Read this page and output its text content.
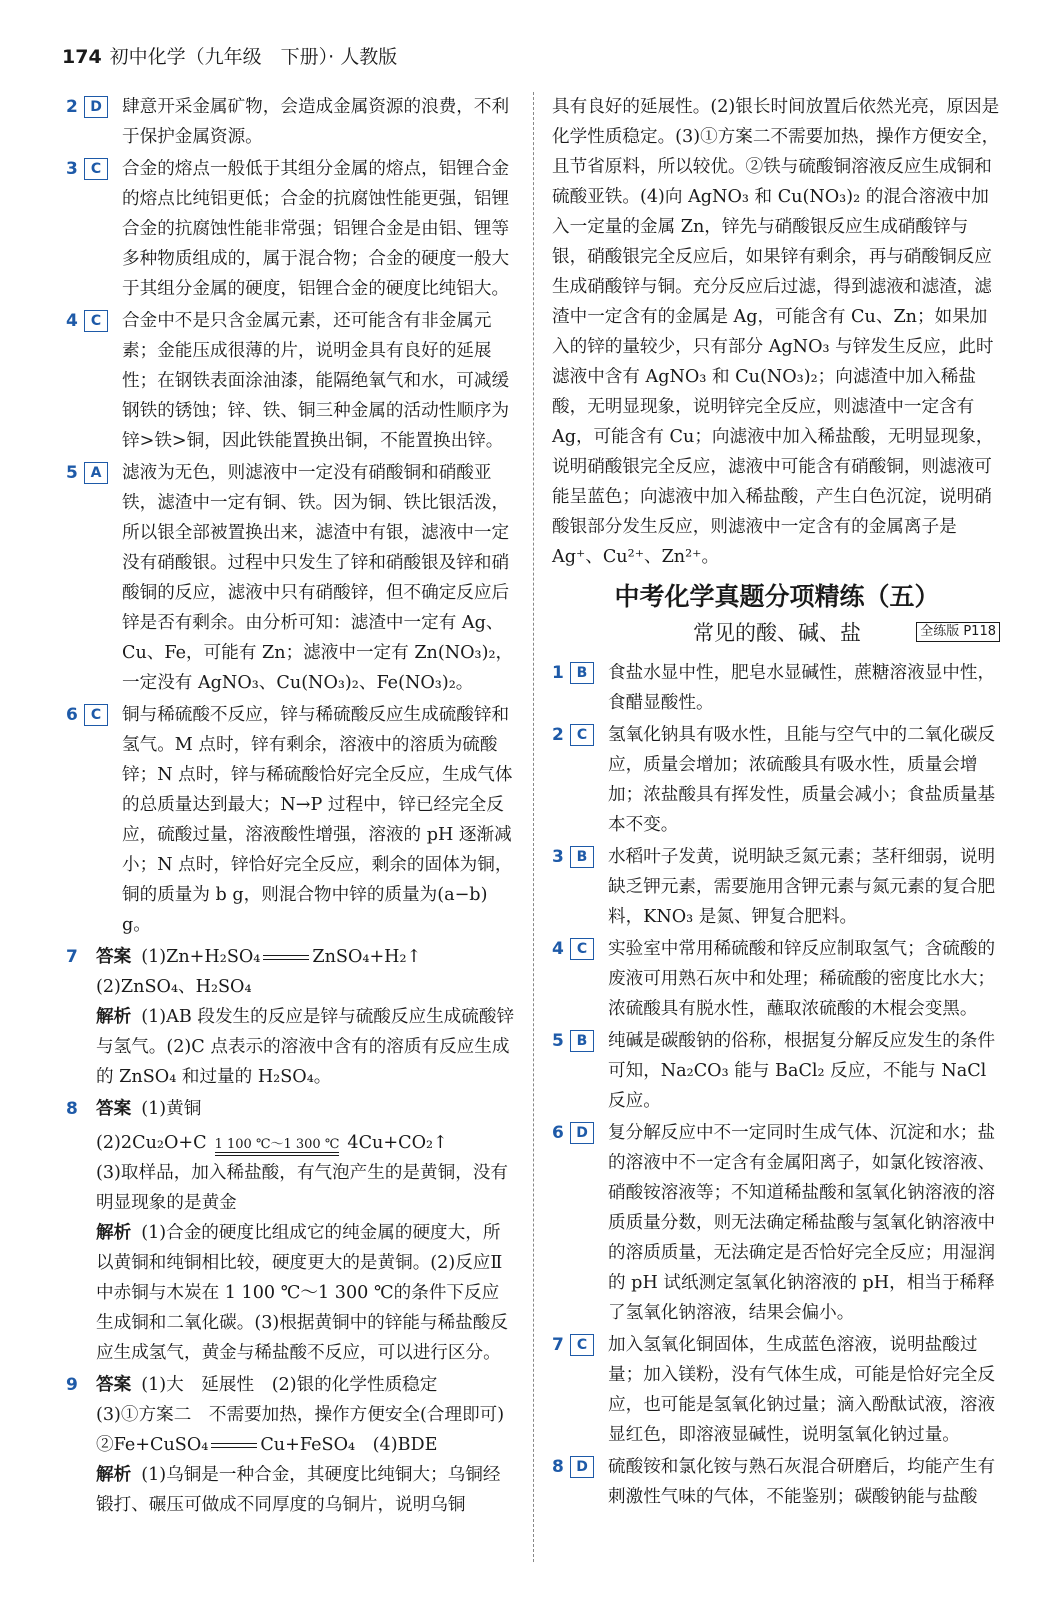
174 初中化学（九年级　下册）· 人教版
2 D	肆意开采金属矿物，会造成金属资源的浪费，不利于保护金属资源。
3 C	合金的熔点一般低于其组分金属的熔点，铝锂合金的熔点比纯铝更低；合金的抗腐蚀性能更强，铝锂合金的抗腐蚀性能非常强；铝锂合金是由铝、锂等多种物质组成的，属于混合物；合金的硬度一般大于其组分金属的硬度，铝锂合金的硬度比纯铝大。
4 C	合金中不是只含金属元素，还可能含有非金属元素；金能压成很薄的片，说明金具有良好的延展性；在钢铁表面涂油漆，能隔绝氧气和水，可减缓钢铁的锈蚀；锌、铁、铜三种金属的活动性顺序为锌>铁>铜，因此铁能置换出铜，不能置换出锌。
5 A	滤液为无色，则滤液中一定没有硝酸铜和硝酸亚铁，滤渣中一定有铜、铁。因为铜、铁比银活泼，所以银全部被置换出来，滤渣中有银，滤液中一定没有硝酸银。过程中只发生了锌和硝酸银及锌和硝酸铜的反应，滤液中只有硝酸锌，但不确定反应后锌是否有剩余。由分析可知：滤渣中一定有 Ag、Cu、Fe，可能有 Zn；滤液中一定有 Zn(NO₃)₂，一定没有 AgNO₃、Cu(NO₃)₂、Fe(NO₃)₂。
6 C	铜与稀硫酸不反应，锌与稀硫酸反应生成硫酸锌和氢气。M 点时，锌有剩余，溶液中的溶质为硫酸锌；N 点时，锌与稀硫酸恰好完全反应，生成气体的总质量达到最大；N→P 过程中，锌已经完全反应，硫酸过量，溶液酸性增强，溶液的 pH 逐渐减小；N 点时，锌恰好完全反应，剩余的固体为铜，铜的质量为 b g，则混合物中锌的质量为(a−b) g。
7 答案 (1)Zn+H₂SO₄	ZnSO₄+H₂↑
(2)ZnSO₄、H₂SO₄
解析 (1)AB 段发生的反应是锌与硫酸反应生成硫酸锌与氢气。(2)C 点表示的溶液中含有的溶质有反应生成的 ZnSO₄ 和过量的 H₂SO₄。
8 答案 (1)黄铜
(2)2Cu₂O+C 1 100 ℃～1 300 ℃ 4Cu+CO₂↑
(3)取样品，加入稀盐酸，有气泡产生的是黄铜，没有明显现象的是黄金
解析 (1)合金的硬度比组成它的纯金属的硬度大，所以黄铜和纯铜相比较，硬度更大的是黄铜。(2)反应Ⅱ中赤铜与木炭在 1 100 ℃～1 300 ℃的条件下反应生成铜和二氧化碳。(3)根据黄铜中的锌能与稀盐酸反应生成氢气，黄金与稀盐酸不反应，可以进行区分。
9 答案 (1)大　延展性　(2)银的化学性质稳定
(3)①方案二　不需要加热，操作方便安全(合理即可)　②Fe+CuSO₄	Cu+FeSO₄　(4)BDE
解析 (1)乌铜是一种合金，其硬度比纯铜大；乌铜经锻打、碾压可做成不同厚度的乌铜片，说明乌铜
具有良好的延展性。(2)银长时间放置后依然光亮，原因是化学性质稳定。(3)①方案二不需要加热，操作方便安全，且节省原料，所以较优。②铁与硫酸铜溶液反应生成铜和硫酸亚铁。(4)向 AgNO₃ 和 Cu(NO₃)₂ 的混合溶液中加入一定量的金属 Zn，锌先与硝酸银反应生成硝酸锌与银，硝酸银完全反应后，如果锌有剩余，再与硝酸铜反应生成硝酸锌与铜。充分反应后过滤，得到滤液和滤渣，滤渣中一定含有的金属是 Ag，可能含有 Cu、Zn；如果加入的锌的量较少，只有部分 AgNO₃ 与锌发生反应，此时滤液中含有 AgNO₃ 和 Cu(NO₃)₂；向滤渣中加入稀盐酸，无明显现象，说明锌完全反应，则滤渣中一定含有 Ag，可能含有 Cu；向滤液中加入稀盐酸，无明显现象，说明硝酸银完全反应，滤液中可能含有硝酸铜，则滤液可能呈蓝色；向滤液中加入稀盐酸，产生白色沉淀，说明硝酸银部分发生反应，则滤液中一定含有的金属离子是 Ag⁺、Cu²⁺、Zn²⁺。
中考化学真题分项精练（五）
常见的酸、碱、盐	全练版 P118
1 B	食盐水显中性，肥皂水显碱性，蔗糖溶液显中性，食醋显酸性。
2 C	氢氧化钠具有吸水性，且能与空气中的二氧化碳反应，质量会增加；浓硫酸具有吸水性，质量会增加；浓盐酸具有挥发性，质量会减小；食盐质量基本不变。
3 B	水稻叶子发黄，说明缺乏氮元素；茎秆细弱，说明缺乏钾元素，需要施用含钾元素与氮元素的复合肥料，KNO₃ 是氮、钾复合肥料。
4 C	实验室中常用稀硫酸和锌反应制取氢气；含硫酸的废液可用熟石灰中和处理；稀硫酸的密度比水大；浓硫酸具有脱水性，蘸取浓硫酸的木棍会变黑。
5 B	纯碱是碳酸钠的俗称，根据复分解反应发生的条件可知，Na₂CO₃ 能与 BaCl₂ 反应，不能与 NaCl 反应。
6 D	复分解反应中不一定同时生成气体、沉淀和水；盐的溶液中不一定含有金属阳离子，如氯化铵溶液、硝酸铵溶液等；不知道稀盐酸和氢氧化钠溶液的溶质质量分数，则无法确定稀盐酸与氢氧化钠溶液中的溶质质量，无法确定是否恰好完全反应；用湿润的 pH 试纸测定氢氧化钠溶液的 pH，相当于稀释了氢氧化钠溶液，结果会偏小。
7 C	加入氢氧化铜固体，生成蓝色溶液，说明盐酸过量；加入镁粉，没有气体生成，可能是恰好完全反应，也可能是氢氧化钠过量；滴入酚酞试液，溶液显红色，即溶液显碱性，说明氢氧化钠过量。
8 D	硫酸铵和氯化铵与熟石灰混合研磨后，均能产生有刺激性气味的气体，不能鉴别；碳酸钠能与盐酸
